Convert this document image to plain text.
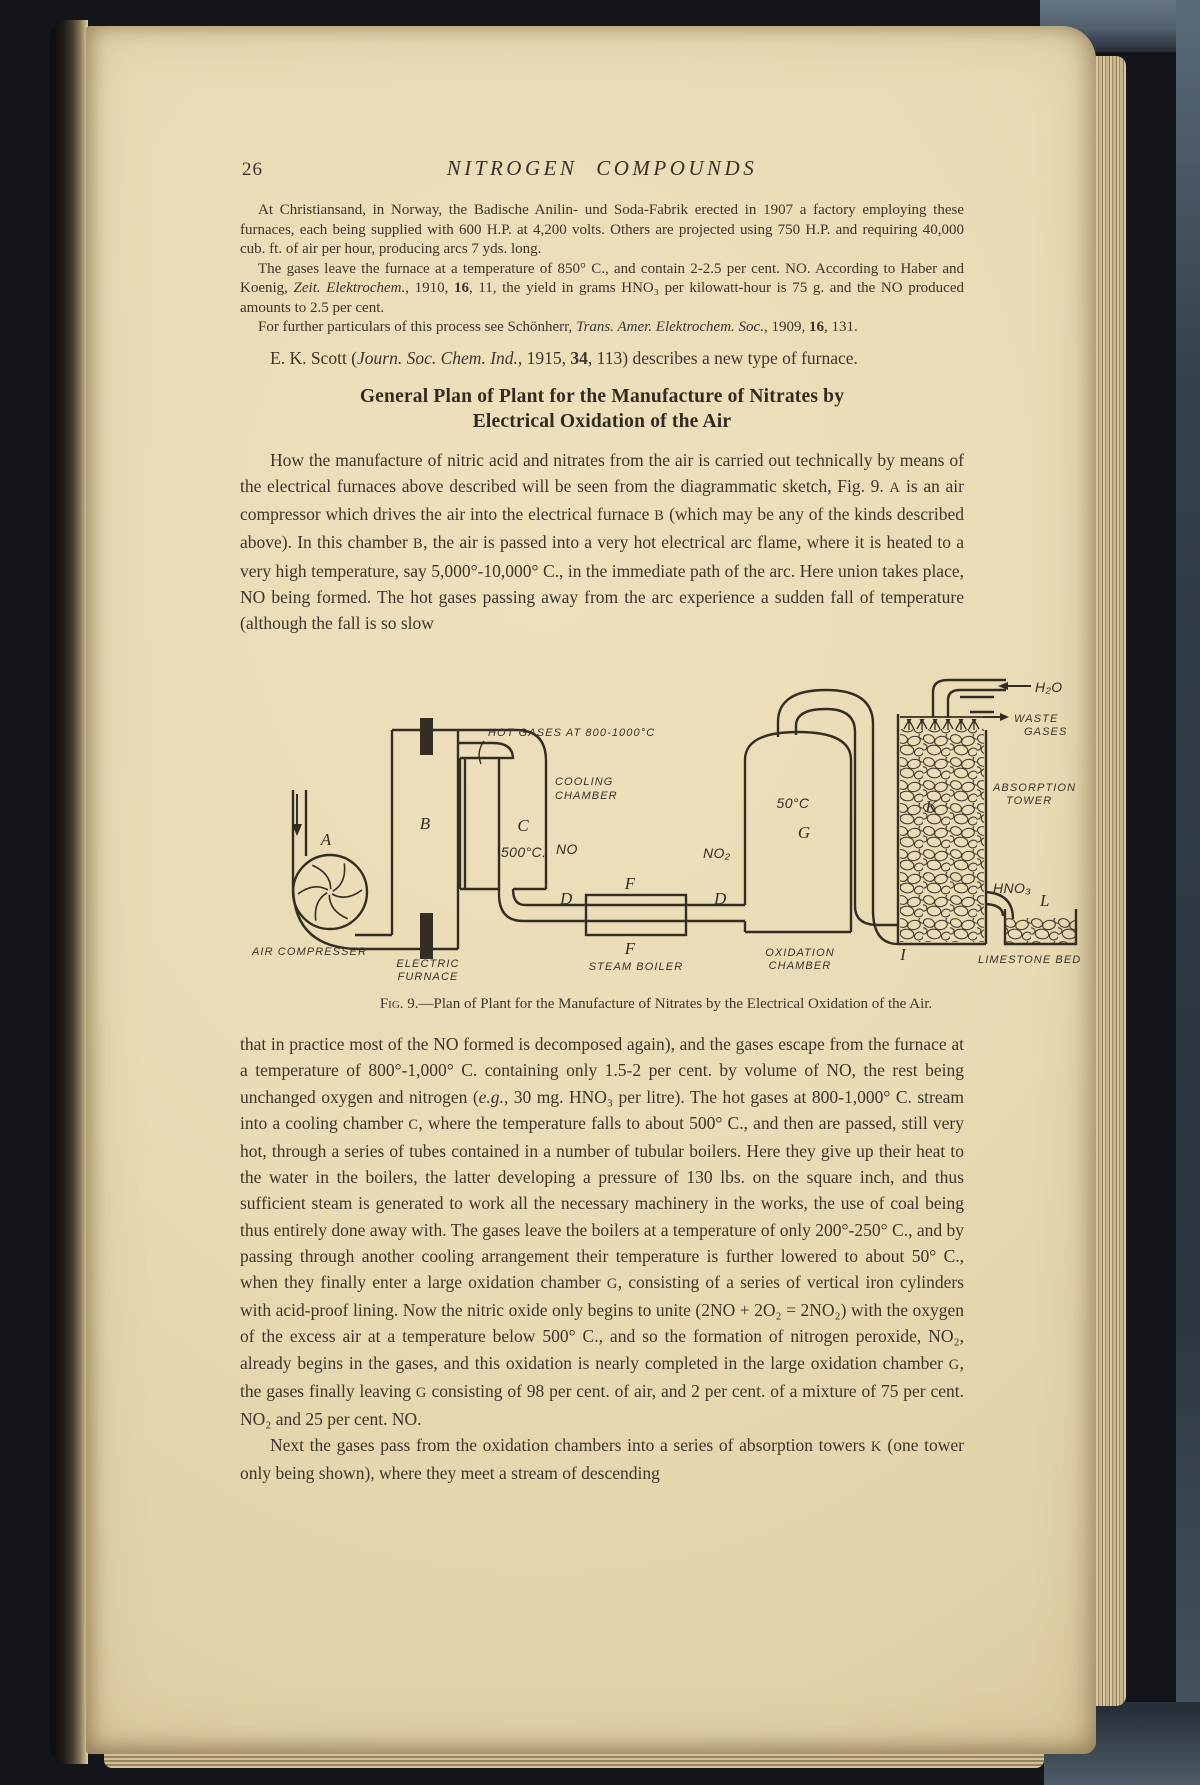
26	NITROGEN COMPOUNDS

At Christiansand, in Norway, the Badische Anilin- und Soda-Fabrik erected in 1907 a factory employing these furnaces, each being supplied with 600 H.P. at 4,200 volts. Others are projected using 750 H.P. and requiring 40,000 cub. ft. of air per hour, producing arcs 7 yds. long.

The gases leave the furnace at a temperature of 850° C., and contain 2-2.5 per cent. NO. According to Haber and Koenig, Zeit. Elektrochem., 1910, 16, 11, the yield in grams HNO₃ per kilowatt-hour is 75 g. and the NO produced amounts to 2.5 per cent.

For further particulars of this process see Schönherr, Trans. Amer. Elektrochem. Soc., 1909, 16, 131.

E. K. Scott (Journ. Soc. Chem. Ind., 1915, 34, 113) describes a new type of furnace.

General Plan of Plant for the Manufacture of Nitrates by
Electrical Oxidation of the Air

How the manufacture of nitric acid and nitrates from the air is carried out technically by means of the electrical furnaces above described will be seen from the diagrammatic sketch, Fig. 9. A is an air compressor which drives the air into the electrical furnace B (which may be any of the kinds described above). In this chamber B, the air is passed into a very hot electrical arc flame, where it is heated to a very high temperature, say 5,000°-10,000° C., in the immediate path of the arc. Here union takes place, NO being formed. The hot gases passing away from the arc experience a sudden fall of temperature (although the fall is so slow

HOT GASES AT 800-1000°C
COOLING
CHAMBER
A
B	C
500°C. NO
D
F
F
D
NO₂
50°C
G
AIR COMPRESSER
ELECTRIC
FURNACE
STEAM BOILER
OXIDATION
CHAMBER
I
K
H₂O
WASTE
GASES
ABSORPTION
TOWER
HNO₃
L
LIMESTONE BED

Fig. 9.—Plan of Plant for the Manufacture of Nitrates by the Electrical Oxidation of the Air.

that in practice most of the NO formed is decomposed again), and the gases escape from the furnace at a temperature of 800°-1,000° C. containing only 1.5-2 per cent. by volume of NO, the rest being unchanged oxygen and nitrogen (e.g., 30 mg. HNO₃ per litre). The hot gases at 800-1,000° C. stream into a cooling chamber C, where the temperature falls to about 500° C., and then are passed, still very hot, through a series of tubes contained in a number of tubular boilers. Here they give up their heat to the water in the boilers, the latter developing a pressure of 130 lbs. on the square inch, and thus sufficient steam is generated to work all the necessary machinery in the works, the use of coal being thus entirely done away with. The gases leave the boilers at a temperature of only 200°-250° C., and by passing through another cooling arrangement their temperature is further lowered to about 50° C., when they finally enter a large oxidation chamber G, consisting of a series of vertical iron cylinders with acid-proof lining. Now the nitric oxide only begins to unite (2NO + 2O₂ = 2NO₂) with the oxygen of the excess air at a temperature below 500° C., and so the formation of nitrogen peroxide, NO₂, already begins in the gases, and this oxidation is nearly completed in the large oxidation chamber G, the gases finally leaving G consisting of 98 per cent. of air, and 2 per cent. of a mixture of 75 per cent. NO₂ and 25 per cent. NO.

Next the gases pass from the oxidation chambers into a series of absorption towers K (one tower only being shown), where they meet a stream of descending
